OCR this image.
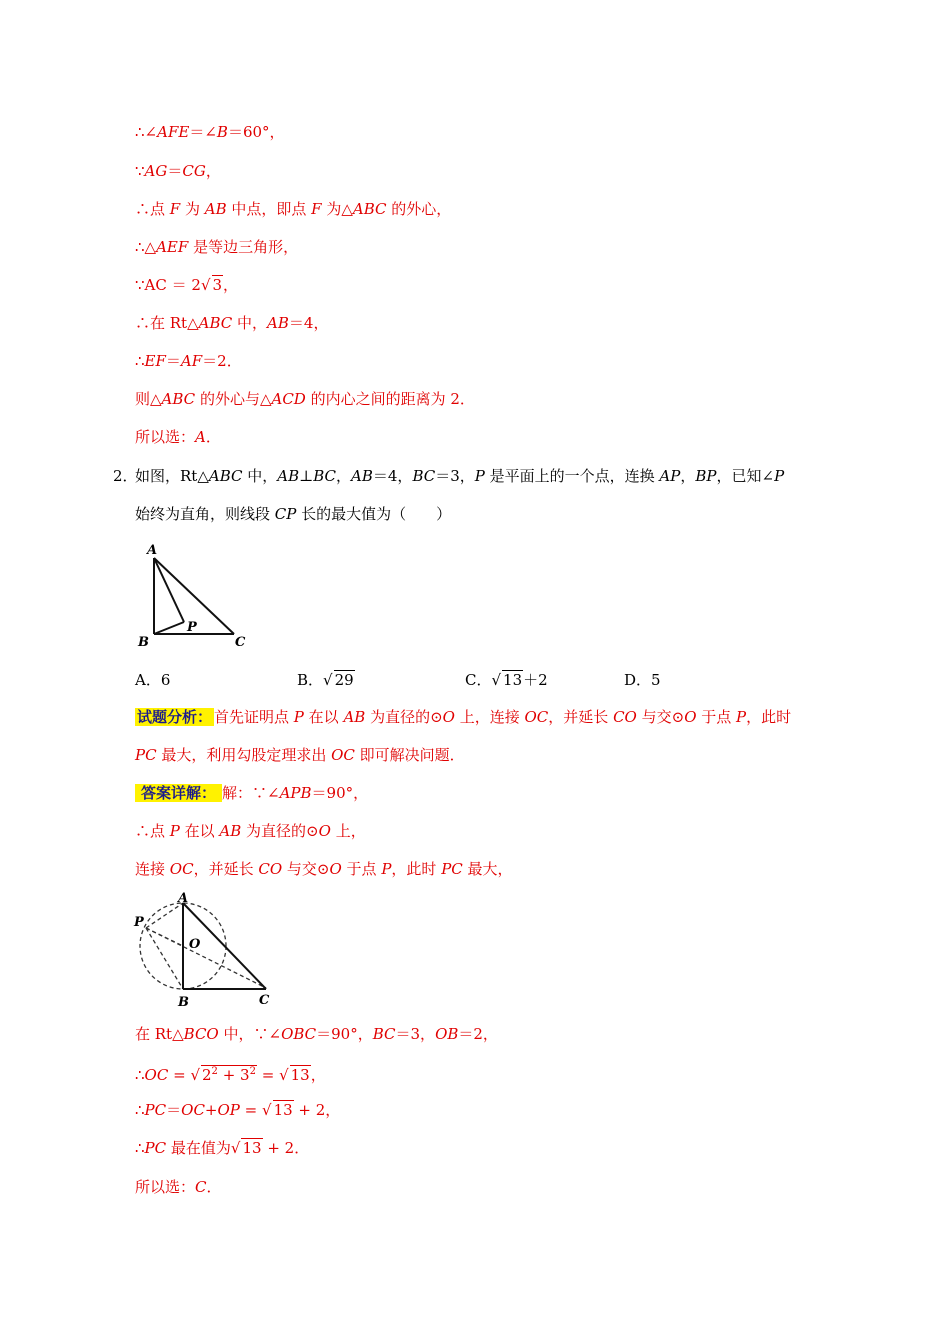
∴∠AFE＝∠B＝60°，
∵AG＝CG，
∴点 F 为 AB 中点，即点 F 为△ABC 的外心，
∴△AEF 是等边三角形，
∵AC ＝ 2√ 3，
∴在 Rt△ABC 中，AB＝4，
∴EF＝AF＝2．
则△ABC 的外心与△ACD 的内心之间的距离为 2．
所以选：A．
2．
如图，Rt△ABC 中，AB⊥BC，AB＝4，BC＝3，P 是平面上的一个点，连换 AP，BP，已知∠P
始终为直角，则线段 CP 长的最大值为（　　）
A
B	C
P
A．6	B．√ 29	C．√ 13＋2	D．5
试题分析： 首先证明点 P 在以 AB 为直径的⊙O 上，连接 OC，并延长 CO 与交⊙O 于点 P，此时
PC 最大，利用勾股定理求出 OC 即可解决问题．
答案详解： 解：∵∠APB＝90°，
∴点 P 在以 AB 为直径的⊙O 上，
连接 OC，并延长 CO 与交⊙O 于点 P，此时 PC 最大，
A
P
O
B	C
在 Rt△BCO 中，∵∠OBC＝90°，BC＝3，OB＝2，
∴OC = √ $2^2 + 3^2$ = √ 13，
∴PC＝OC+OP = √ 13 + 2，
∴PC 最在值为√ 13 + 2．
所以选：C．
